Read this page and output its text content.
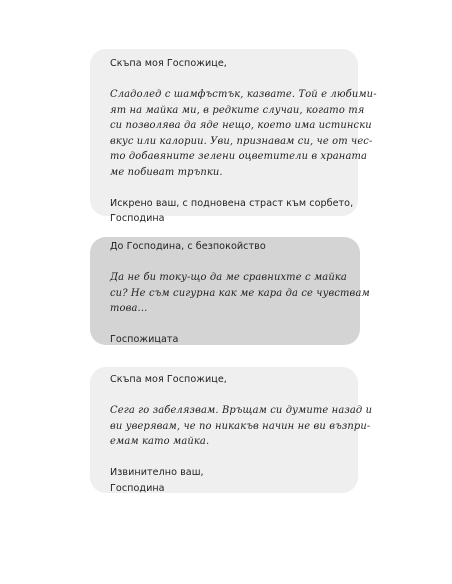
Скъпа моя Госпожице,

Сладолед с шамфъстък, казвате. Той е любими-
ят на майка ми, в редките случаи, когато тя
си позволява да яде нещо, което има истински
вкус или калории. Уви, признавам си, че от чес-
то добавяните зелени оцветители в храната
ме побиват тръпки.

Искрено ваш, с подновена страст към сорбето,
Господина

До Господина, с безпокойство

Да не би току-що да ме сравнихте с майка
си? Не съм сигурна как ме кара да се чувствам
това...

Госпожицата

Скъпа моя Госпожице,

Сега го забелязвам. Връщам си думите назад и
ви уверявам, че по никакъв начин не ви възпри-
емам като майка.

Извинително ваш,
Господина
